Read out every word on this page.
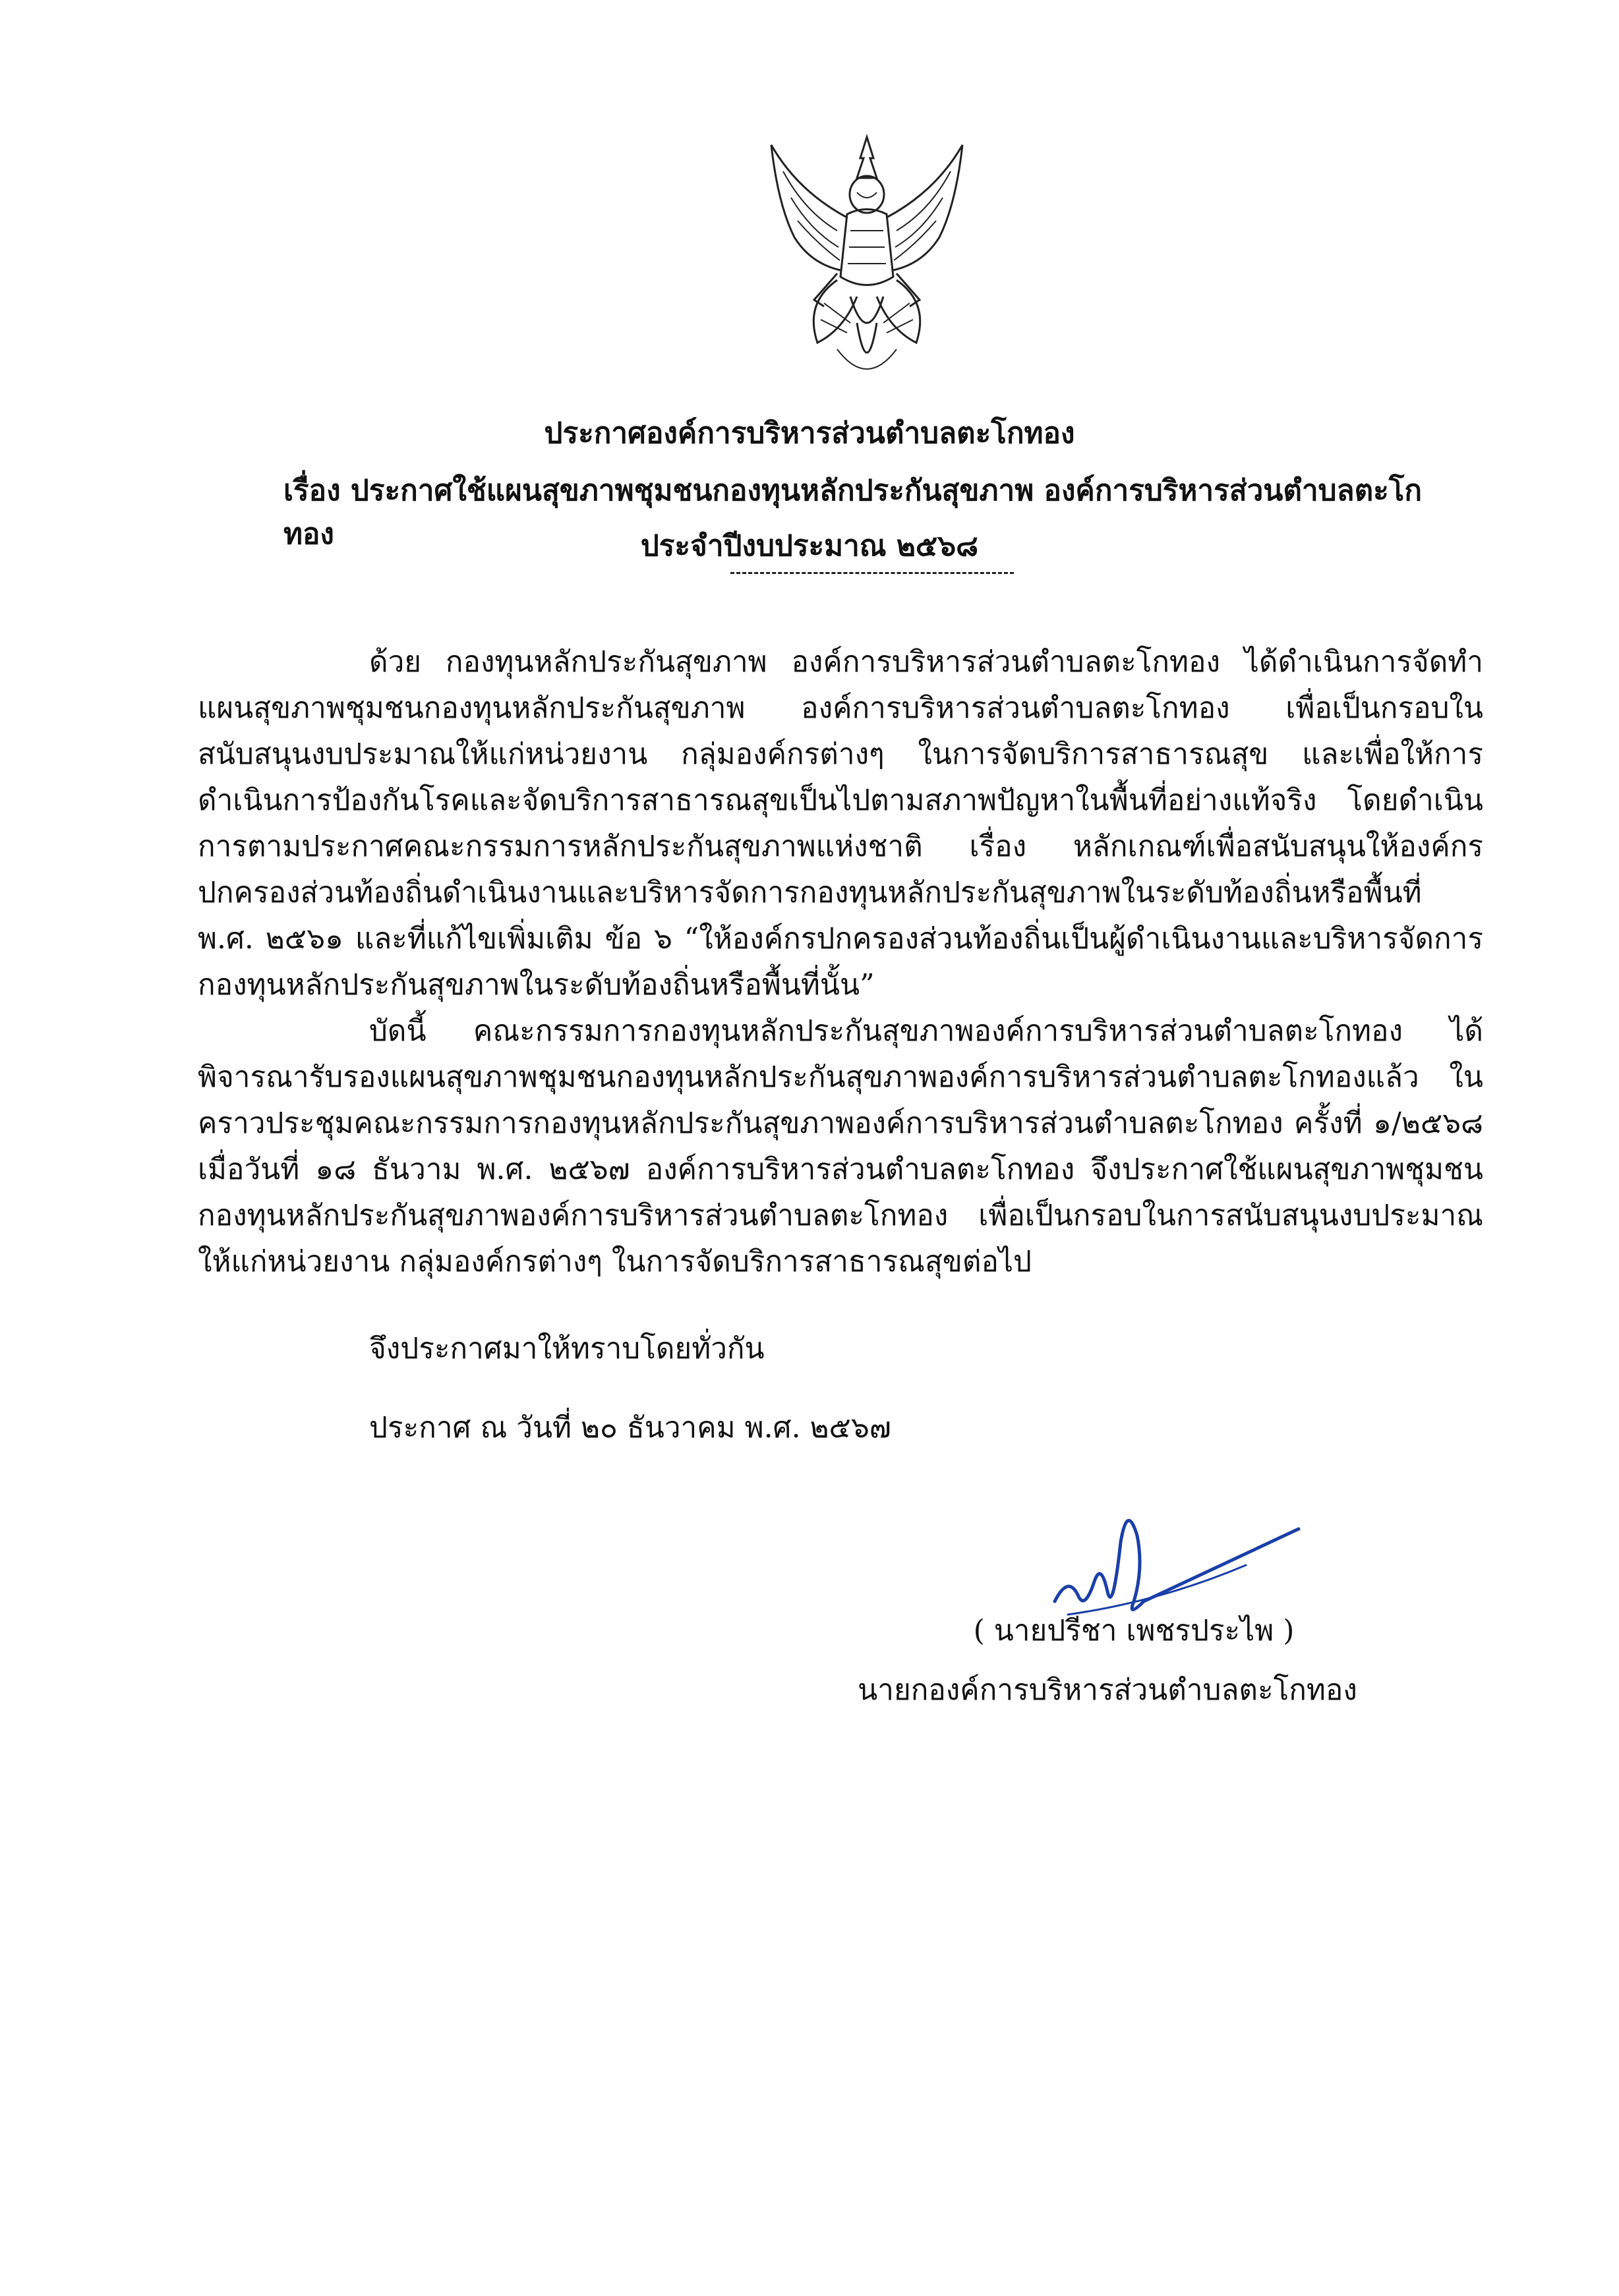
ประกาศองค์การบริหารส่วนตำบลตะโกทอง
เรื่อง ประกาศใช้แผนสุขภาพชุมชนกองทุนหลักประกันสุขภาพ องค์การบริหารส่วนตำบลตะโกทอง	ประจำปีงบประมาณ ๒๕๖๘
ด้วย กองทุนหลักประกันสุขภาพ องค์การบริหารส่วนตำบลตะโกทอง ได้ดำเนินการจัดทำแผนสุขภาพชุมชนกองทุนหลักประกันสุขภาพ องค์การบริหารส่วนตำบลตะโกทอง เพื่อเป็นกรอบในสนับสนุนงบประมาณให้แก่หน่วยงาน กลุ่มองค์กรต่างๆ ในการจัดบริการสาธารณสุข และเพื่อให้การดำเนินการป้องกันโรคและจัดบริการสาธารณสุขเป็นไปตามสภาพปัญหาในพื้นที่อย่างแท้จริง โดยดำเนินการตามประกาศคณะกรรมการหลักประกันสุขภาพแห่งชาติ เรื่อง หลักเกณฑ์เพื่อสนับสนุนให้องค์กรปกครองส่วนท้องถิ่นดำเนินงานและบริหารจัดการกองทุนหลักประกันสุขภาพในระดับท้องถิ่นหรือพื้นที่ พ.ศ. ๒๕๖๑ และที่แก้ไขเพิ่มเติม ข้อ ๖ “ให้องค์กรปกครองส่วนท้องถิ่นเป็นผู้ดำเนินงานและบริหารจัดการกองทุนหลักประกันสุขภาพในระดับท้องถิ่นหรือพื้นที่นั้น”
บัดนี้ คณะกรรมการกองทุนหลักประกันสุขภาพองค์การบริหารส่วนตำบลตะโกทอง ได้พิจารณารับรองแผนสุขภาพชุมชนกองทุนหลักประกันสุขภาพองค์การบริหารส่วนตำบลตะโกทองแล้ว ในคราวประชุมคณะกรรมการกองทุนหลักประกันสุขภาพองค์การบริหารส่วนตำบลตะโกทอง ครั้งที่ ๑/๒๕๖๘ เมื่อวันที่ ๑๘ ธันวาม พ.ศ. ๒๕๖๗ องค์การบริหารส่วนตำบลตะโกทอง จึงประกาศใช้แผนสุขภาพชุมชนกองทุนหลักประกันสุขภาพองค์การบริหารส่วนตำบลตะโกทอง เพื่อเป็นกรอบในการสนับสนุนงบประมาณให้แก่หน่วยงาน กลุ่มองค์กรต่างๆ ในการจัดบริการสาธารณสุขต่อไป
จึงประกาศมาให้ทราบโดยทั่วกัน
ประกาศ ณ วันที่ ๒๐ ธันวาคม พ.ศ. ๒๕๖๗
( นายปรีชา เพชรประไพ )
นายกองค์การบริหารส่วนตำบลตะโกทอง
